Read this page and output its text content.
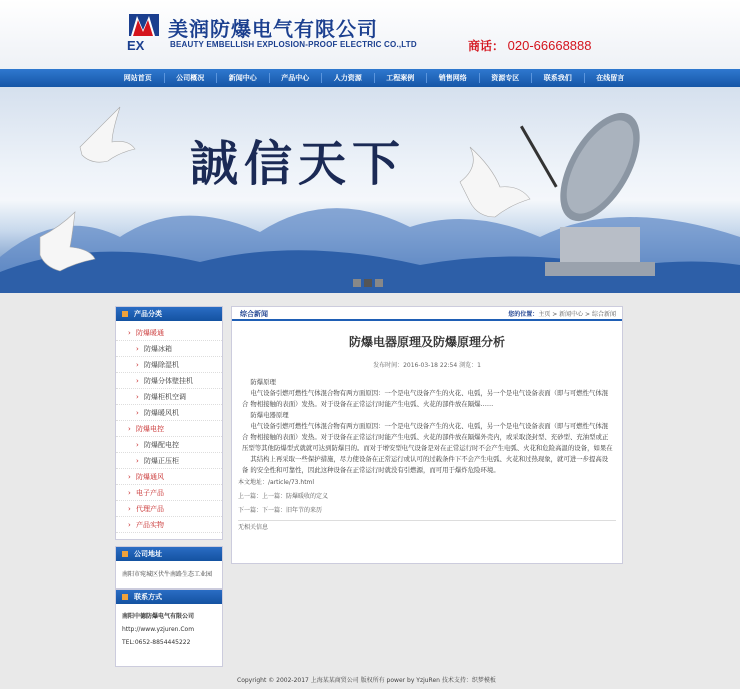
EX
美润防爆电气有限公司
BEAUTY EMBELLISH EXPLOSION-PROOF ELECTRIC CO.,LTD	商话： 020-66668888
网站首页	公司概况	新闻中心	产品中心	人力资源	工程案例	销售网络	资源专区	联系我们	在线留言
誠信天下
产品分类
› 防爆暖通
› 防爆冰箱
› 防爆除湿机
› 防爆分体壁挂机
› 防爆柜机空调
› 防爆暖风机
› 防爆电控
› 防爆配电控
› 防爆正压柜
› 防爆通风
› 电子产品
› 代理产品
› 产品实物
公司地址
南阳市宛城区伏牛南路生态工业园
联系方式
南阳中德防爆电气有限公司
http://www.yzjuren.Com
TEL:0652-8854445222
综合新闻	您的位置：主页 > 新闻中心 > 综合新闻
防爆电器原理及防爆原理分析
发布时间：2016-03-18 22:54 浏览：1

防爆原理

电气设备引燃可燃性气体混合物有两方面原因：一个是电气设备产生的火花、电弧，另一个是电气设备表面（即与可燃性气体混合 物相接触的表面）发热。对于设备在正常运行时能产生电弧、火花的部件放在隔爆……

防爆电器原理

电气设备引燃可燃性气体混合物有两方面原因：一个是电气设备产生的火花、电弧，另一个是电气设备表面（即与可燃性气体混合 物相接触的表面）发热。对于设备在正常运行时能产生电弧、火花的部件放在隔爆外壳内，或采取浇封型、充砂型、充油型或正压型等其他防爆型式就就可达到防爆目的。而对于增安型电气设备是对在正常运行时不会产生电弧、火花和危险高温的设备，如果在

其结构上再采取一些保护措施，尽力使设备在正常运行或认可的过载条件下不会产生电弧、火花和过热现象，就可进一步提高设备 的安全性和可靠性，因此这种设备在正常运行时就没有引燃源，而可用于爆炸危险环境。

本文地址：/article/73.html
上一篇：上一篇：防爆暖收的定义
下一篇：下一篇：旧年节的来历
无相关信息
Copyright © 2002-2017 上海某某商贸公司 版权所有 power by YzjuRen 技术支持：织梦模板
